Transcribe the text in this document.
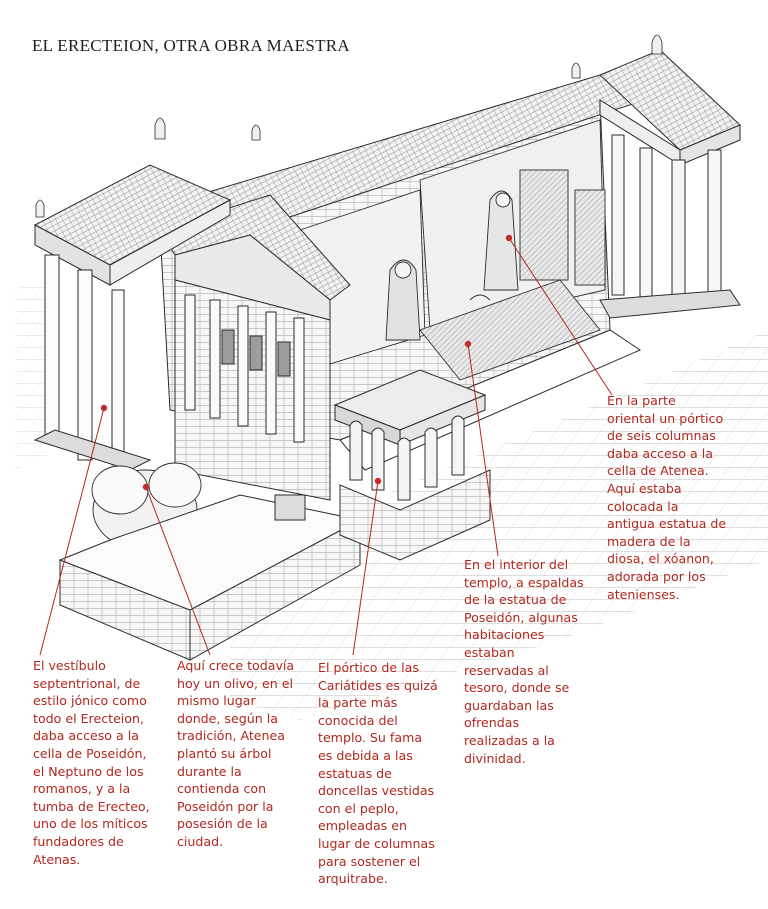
EL ERECTEION, OTRA OBRA MAESTRA

El vestíbulo
septentrional, de
estilo jónico como
todo el Erecteion,
daba acceso a la
cella de Poseidón,
el Neptuno de los
romanos, y a la
tumba de Erecteo,
uno de los míticos
fundadores de
Atenas.

Aquí crece todavía
hoy un olivo, en el
mismo lugar
donde, según la
tradición, Atenea
plantó su árbol
durante la
contienda con
Poseidón por la
posesión de la
ciudad.

El pórtico de las
Cariátides es quizá
la parte más
conocida del
templo. Su fama
es debida a las
estatuas de
doncellas vestidas
con el peplo,
empleadas en
lugar de columnas
para sostener el
arquitrabe.

En el interior del
templo, a espaldas
de la estatua de
Poseidón, algunas
habitaciones
estaban
reservadas al
tesoro, donde se
guardaban las
ofrendas
realizadas a la
divinidad.

En la parte
oriental un pórtico
de seis columnas
daba acceso a la
cella de Atenea.
Aquí estaba
colocada la
antigua estatua de
madera de la
diosa, el xóanon,
adorada por los
atenienses.
